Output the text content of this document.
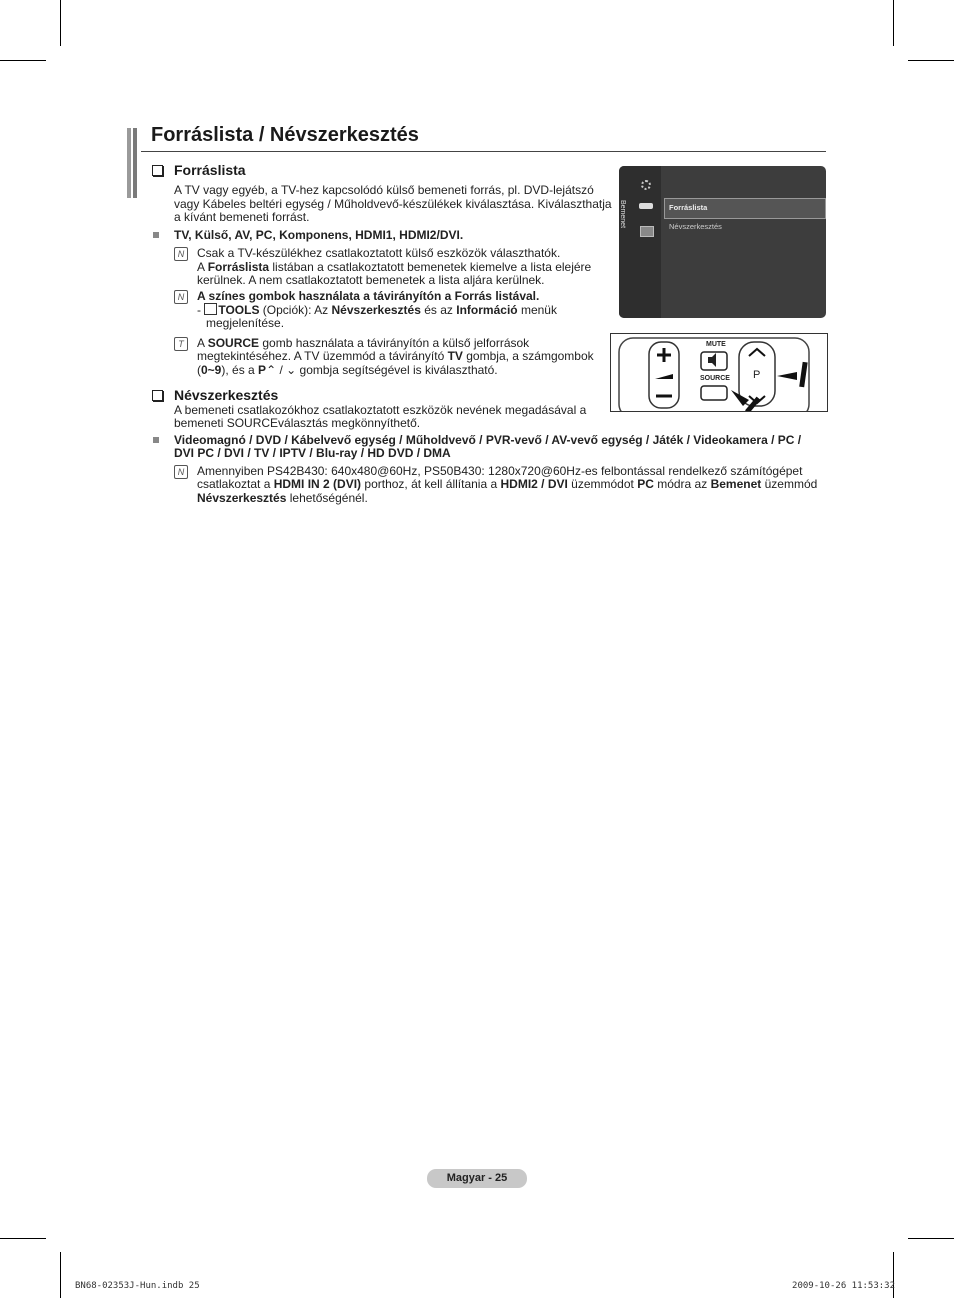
Forráslista / Névszerkesztés
Forráslista
A TV vagy egyéb, a TV-hez kapcsolódó külső bemeneti forrás, pl. DVD-lejátszó
vagy Kábeles beltéri egység / Műholdvevő-készülékek kiválasztása. Kiválaszthatja
a kívánt bemeneti forrást.
TV, Külső, AV, PC, Komponens, HDMI1, HDMI2/DVI.
N	Csak a TV-készülékhez csatlakoztatott külső eszközök választhatók.
A Forráslista listában a csatlakoztatott bemenetek kiemelve a lista elejére
kerülnek. A nem csatlakoztatott bemenetek a lista aljára kerülnek.
N	A színes gombok használata a távirányítón a Forrás listával.
- TOOLS (Opciók): Az Névszerkesztés és az Információ menük
megjelenítése.
T	A SOURCE gomb használata a távirányítón a külső jelforrások
megtekintéséhez. A TV üzemmód a távirányító TV gombja, a számgombok
(0~9), és a P⌃ / ⌄ gombja segítségével is kiválasztható.
Névszerkesztés
A bemeneti csatlakozókhoz csatlakoztatott eszközök nevének megadásával a
bemeneti SOURCEválasztás megkönnyíthető.
Videomagnó / DVD / Kábelvevő egység / Műholdvevő / PVR-vevő / AV-vevő egység / Játék / Videokamera / PC /
DVI PC / DVI / TV / IPTV / Blu-ray / HD DVD / DMA
N	Amennyiben PS42B430: 640x480@60Hz, PS50B430: 1280x720@60Hz-es felbontással rendelkező számítógépet
csatlakoztat a HDMI IN 2 (DVI) porthoz, át kell állítania a HDMI2 / DVI üzemmódot PC módra az Bemenet üzemmód
Névszerkesztés lehetőségénél.
Bemenet	Forráslista
Névszerkesztés
MUTE
SOURCE P
Magyar - 25
BN68-02353J-Hun.indb 25	2009-10-26 11:53:32
